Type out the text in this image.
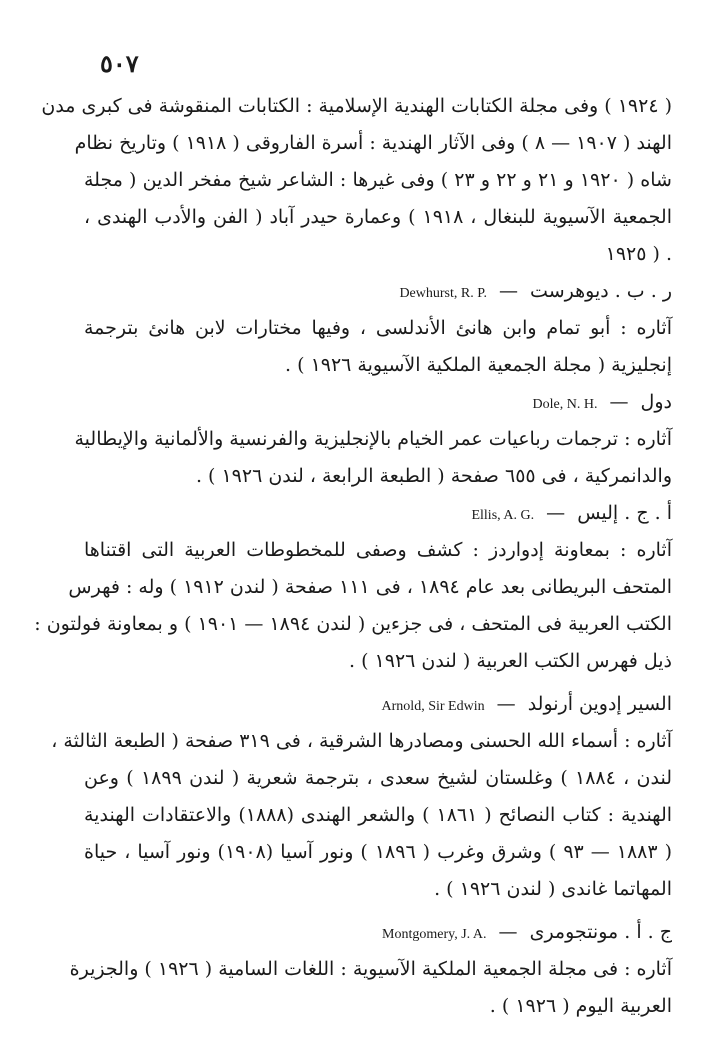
٥٠٧
( ١٩٢٤ ) وفى مجلة الكتابات الهندية الإسلامية : الكتابات المنقوشة فى كبرى مدن
الهند ( ١٩٠٧ — ٨ ) وفى الآثار الهندية : أسرة الفاروقى ( ١٩١٨ ) وتاريخ نظام
شاه ( ١٩٢٠ و ٢١ و ٢٢ و ٢٣ ) وفى غيرها : الشاعر شيخ مفخر الدين ( مجلة
الجمعية الآسيوية للبنغال ، ١٩١٨ ) وعمارة حيدر آباد ( الفن والأدب الهندى ،
. ( ١٩٢٥
ر . ب . ديوهرست — Dewhurst, R. P.
آثاره : أبو تمام وابن هانئ الأندلسى ، وفيها مختارات لابن هانئ بترجمة
إنجليزية ( مجلة الجمعية الملكية الآسيوية ١٩٢٦ ) .
دول — Dole, N. H.
آثاره : ترجمات رباعيات عمر الخيام بالإنجليزية والفرنسية والألمانية والإيطالية
والدانمركية ، فى ٦٥٥ صفحة ( الطبعة الرابعة ، لندن ١٩٢٦ ) .
أ . ج . إليس — Ellis, A. G.
آثاره : بمعاونة إدواردز : كشف وصفى للمخطوطات العربية التى اقتناها
المتحف البريطانى بعد عام ١٨٩٤ ، فى ١١١ صفحة ( لندن ١٩١٢ ) وله : فهرس
الكتب العربية فى المتحف ، فى جزءين ( لندن ١٨٩٤ — ١٩٠١ ) و بمعاونة فولتون :
ذيل فهرس الكتب العربية ( لندن ١٩٢٦ ) .
السير إدوين أرنولد — Arnold, Sir Edwin
آثاره : أسماء الله الحسنى ومصادرها الشرقية ، فى ٣١٩ صفحة ( الطبعة الثالثة ،
لندن ، ١٨٨٤ ) وغلستان لشيخ سعدى ، بترجمة شعرية ( لندن ١٨٩٩ ) وعن
الهندية : كتاب النصائح ( ١٨٦١ ) والشعر الهندى (١٨٨٨) والاعتقادات الهندية
( ١٨٨٣ — ٩٣ ) وشرق وغرب ( ١٨٩٦ ) ونور آسيا (١٩٠٨) ونور آسيا ، حياة
المهاتما غاندى ( لندن ١٩٢٦ ) .
ج . أ . مونتجومرى — Montgomery, J. A.
آثاره : فى مجلة الجمعية الملكية الآسيوية : اللغات السامية ( ١٩٢٦ ) والجزيرة
العربية اليوم ( ١٩٢٦ ) .
